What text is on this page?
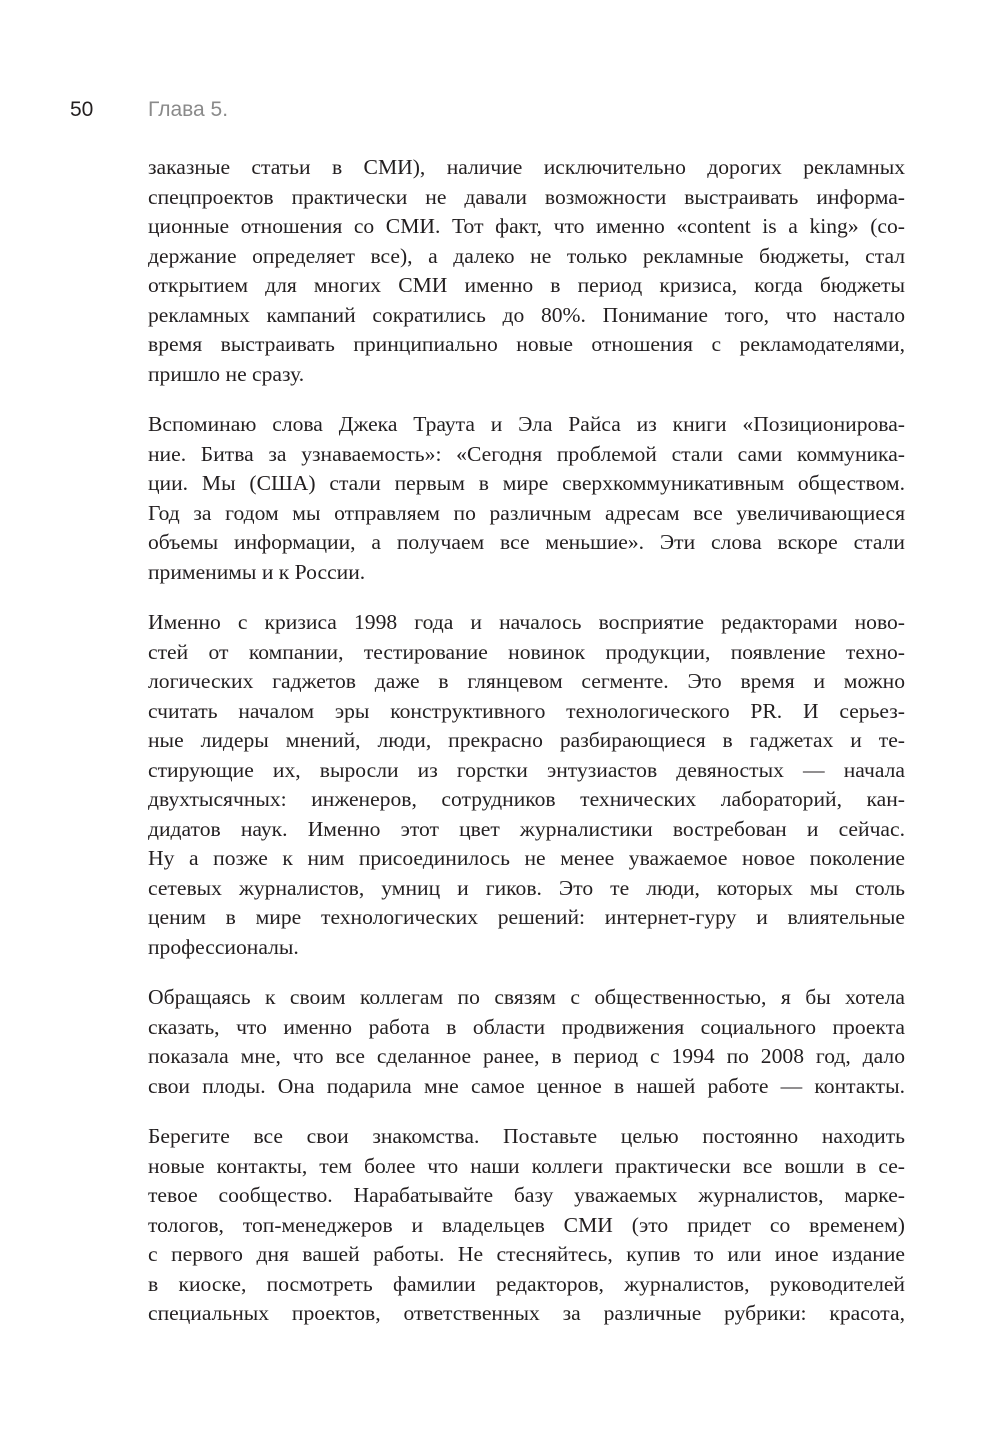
50	Глава 5.

заказные статьи в СМИ), наличие исключительно дорогих рекламных
спецпроектов практически не давали возможности выстраивать информа-
ционные отношения со СМИ. Тот факт, что именно «content is a king» (со-
держание определяет все), а далеко не только рекламные бюджеты, стал
открытием для многих СМИ именно в период кризиса, когда бюджеты
рекламных кампаний сократились до 80%. Понимание того, что настало
время выстраивать принципиально новые отношения с рекламодателями,
пришло не сразу.

Вспоминаю слова Джека Траута и Эла Райса из книги «Позиционирова-
ние. Битва за узнаваемость»: «Сегодня проблемой стали сами коммуника-
ции. Мы (США) стали первым в мире сверхкоммуникативным обществом.
Год за годом мы отправляем по различным адресам все увеличивающиеся
объемы информации, а получаем все меньшие». Эти слова вскоре стали
применимы и к России.

Именно с кризиса 1998 года и началось восприятие редакторами ново-
стей от компании, тестирование новинок продукции, появление техно-
логических гаджетов даже в глянцевом сегменте. Это время и можно
считать началом эры конструктивного технологического PR. И серьез-
ные лидеры мнений, люди, прекрасно разбирающиеся в гаджетах и те-
стирующие их, выросли из горстки энтузиастов девяностых — начала
двухтысячных: инженеров, сотрудников технических лабораторий, кан-
дидатов наук. Именно этот цвет журналистики востребован и сейчас.
Ну а позже к ним присоединилось не менее уважаемое новое поколение
сетевых журналистов, умниц и гиков. Это те люди, которых мы столь
ценим в мире технологических решений: интернет-гуру и влиятельные
профессионалы.

Обращаясь к своим коллегам по связям с общественностью, я бы хотела
сказать, что именно работа в области продвижения социального проекта
показала мне, что все сделанное ранее, в период с 1994 по 2008 год, дало
свои плоды. Она подарила мне самое ценное в нашей работе — контакты.

Берегите все свои знакомства. Поставьте целью постоянно находить
новые контакты, тем более что наши коллеги практически все вошли в се-
тевое сообщество. Нарабатывайте базу уважаемых журналистов, марке-
тологов, топ-менеджеров и владельцев СМИ (это придет со временем)
с первого дня вашей работы. Не стесняйтесь, купив то или иное издание
в киоске, посмотреть фамилии редакторов, журналистов, руководителей
специальных проектов, ответственных за различные рубрики: красота,
